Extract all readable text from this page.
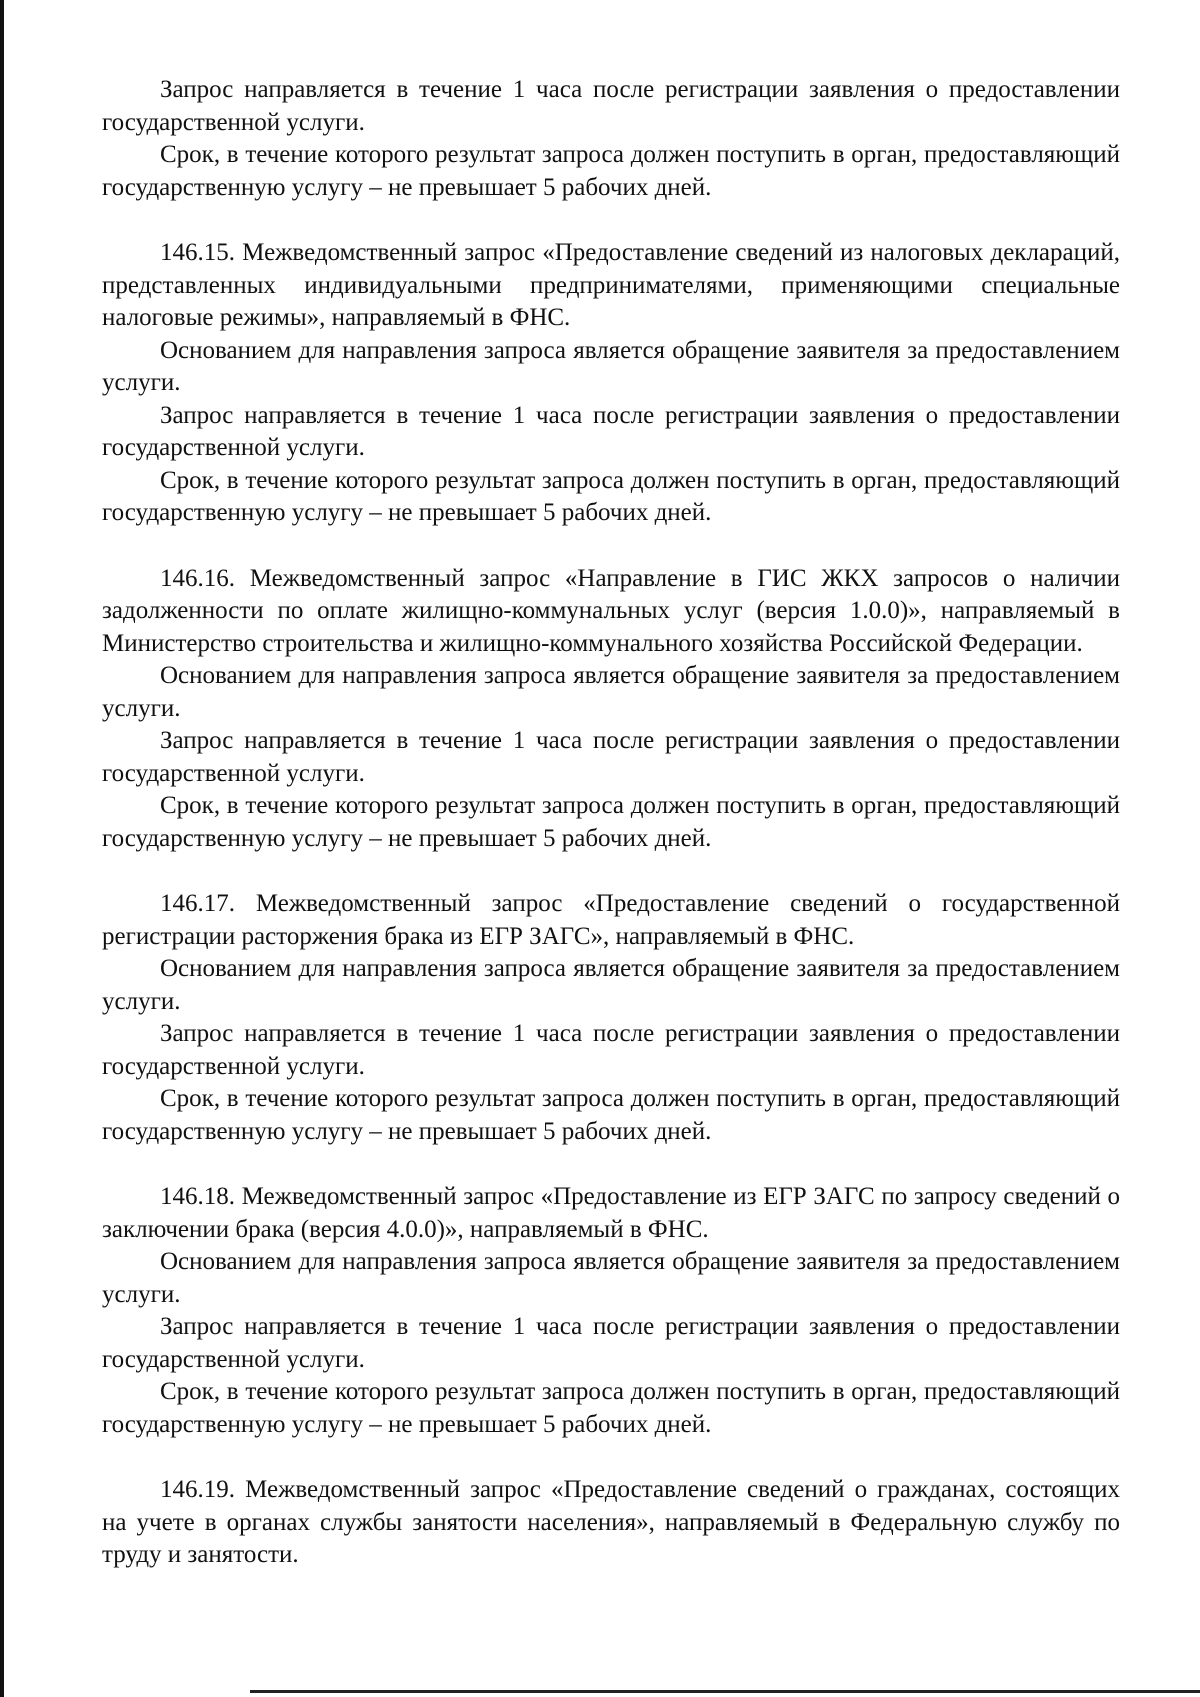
Запрос направляется в течение 1 часа после регистрации заявления о предоставлении государственной услуги.

Срок, в течение которого результат запроса должен поступить в орган, предоставляющий государственную услугу – не превышает 5 рабочих дней.

146.15. Межведомственный запрос «Предоставление сведений из налоговых деклараций, представленных индивидуальными предпринимателями, применяющими специальные налоговые режимы», направляемый в ФНС.

Основанием для направления запроса является обращение заявителя за предоставлением услуги.

Запрос направляется в течение 1 часа после регистрации заявления о предоставлении государственной услуги.

Срок, в течение которого результат запроса должен поступить в орган, предоставляющий государственную услугу – не превышает 5 рабочих дней.

146.16. Межведомственный запрос «Направление в ГИС ЖКХ запросов о наличии задолженности по оплате жилищно-коммунальных услуг (версия 1.0.0)», направляемый в Министерство строительства и жилищно-коммунального хозяйства Российской Федерации.

Основанием для направления запроса является обращение заявителя за предоставлением услуги.

Запрос направляется в течение 1 часа после регистрации заявления о предоставлении государственной услуги.

Срок, в течение которого результат запроса должен поступить в орган, предоставляющий государственную услугу – не превышает 5 рабочих дней.

146.17. Межведомственный запрос «Предоставление сведений о государственной регистрации расторжения брака из ЕГР ЗАГС», направляемый в ФНС.

Основанием для направления запроса является обращение заявителя за предоставлением услуги.

Запрос направляется в течение 1 часа после регистрации заявления о предоставлении государственной услуги.

Срок, в течение которого результат запроса должен поступить в орган, предоставляющий государственную услугу – не превышает 5 рабочих дней.

146.18. Межведомственный запрос «Предоставление из ЕГР ЗАГС по запросу сведений о заключении брака (версия 4.0.0)», направляемый в ФНС.

Основанием для направления запроса является обращение заявителя за предоставлением услуги.

Запрос направляется в течение 1 часа после регистрации заявления о предоставлении государственной услуги.

Срок, в течение которого результат запроса должен поступить в орган, предоставляющий государственную услугу – не превышает 5 рабочих дней.

146.19. Межведомственный запрос «Предоставление сведений о гражданах, состоящих на учете в органах службы занятости населения», направляемый в Федеральную службу по труду и занятости.
